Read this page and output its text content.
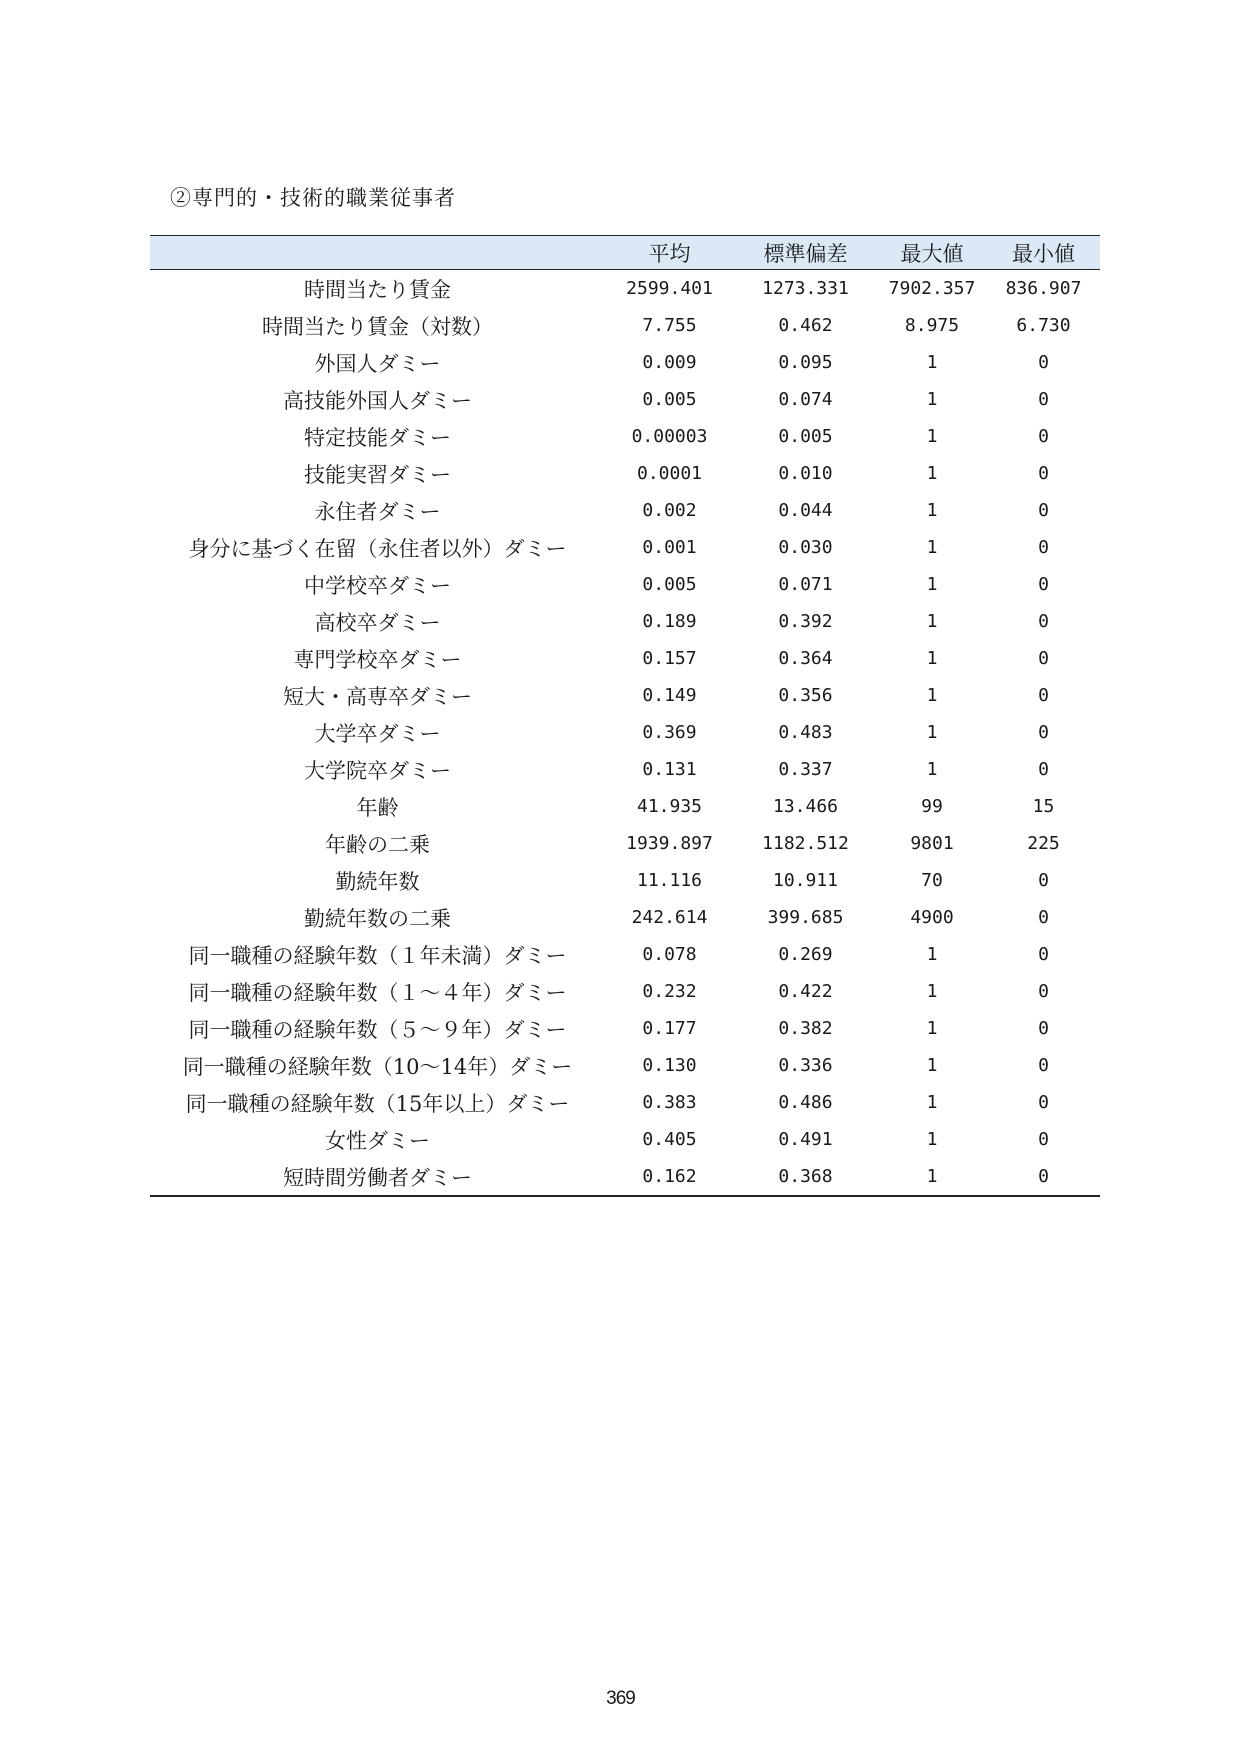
②専門的・技術的職業従事者
	平均	標準偏差	最大値	最小値
時間当たり賃金	2599.401	1273.331	7902.357	836.907
時間当たり賃金（対数）	7.755	0.462	8.975	6.730
外国人ダミー	0.009	0.095	1	0
高技能外国人ダミー	0.005	0.074	1	0
特定技能ダミー	0.00003	0.005	1	0
技能実習ダミー	0.0001	0.010	1	0
永住者ダミー	0.002	0.044	1	0
身分に基づく在留（永住者以外）ダミー	0.001	0.030	1	0
中学校卒ダミー	0.005	0.071	1	0
高校卒ダミー	0.189	0.392	1	0
専門学校卒ダミー	0.157	0.364	1	0
短大・高専卒ダミー	0.149	0.356	1	0
大学卒ダミー	0.369	0.483	1	0
大学院卒ダミー	0.131	0.337	1	0
年齢	41.935	13.466	99	15
年齢の二乗	1939.897	1182.512	9801	225
勤続年数	11.116	10.911	70	0
勤続年数の二乗	242.614	399.685	4900	0
同一職種の経験年数（１年未満）ダミー	0.078	0.269	1	0
同一職種の経験年数（１～４年）ダミー	0.232	0.422	1	0
同一職種の経験年数（５～９年）ダミー	0.177	0.382	1	0
同一職種の経験年数（10～14年）ダミー	0.130	0.336	1	0
同一職種の経験年数（15年以上）ダミー	0.383	0.486	1	0
女性ダミー	0.405	0.491	1	0
短時間労働者ダミー	0.162	0.368	1	0
369
